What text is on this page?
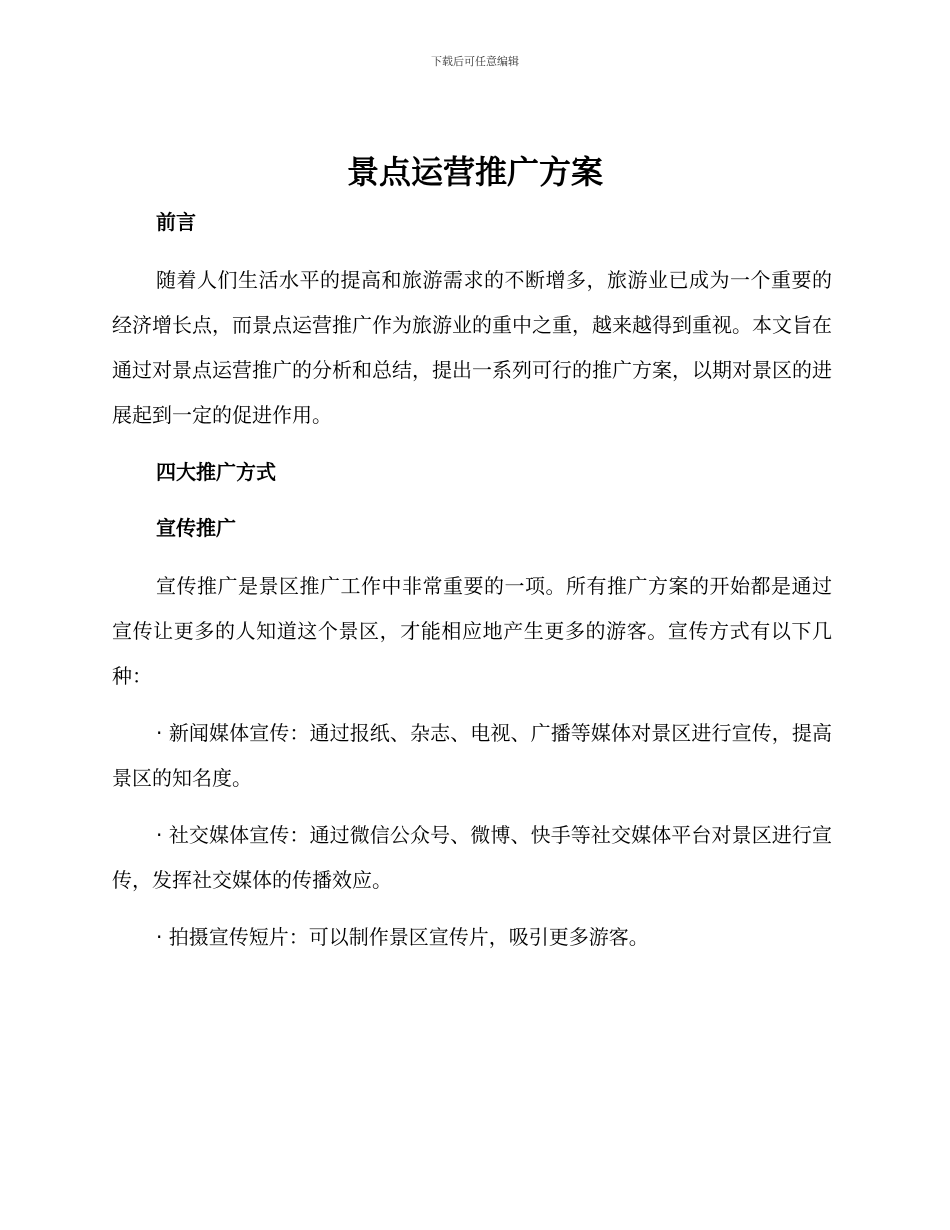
下载后可任意编辑
景点运营推广方案

前言

随着人们生活水平的提高和旅游需求的不断增多，旅游业已成为一个重要的经济增长点，而景点运营推广作为旅游业的重中之重，越来越得到重视。本文旨在通过对景点运营推广的分析和总结，提出一系列可行的推广方案，以期对景区的进展起到一定的促进作用。

四大推广方式

宣传推广

宣传推广是景区推广工作中非常重要的一项。所有推广方案的开始都是通过宣传让更多的人知道这个景区，才能相应地产生更多的游客。宣传方式有以下几种：

· 新闻媒体宣传：通过报纸、杂志、电视、广播等媒体对景区进行宣传，提高景区的知名度。

· 社交媒体宣传：通过微信公众号、微博、快手等社交媒体平台对景区进行宣传，发挥社交媒体的传播效应。

· 拍摄宣传短片：可以制作景区宣传片，吸引更多游客。
